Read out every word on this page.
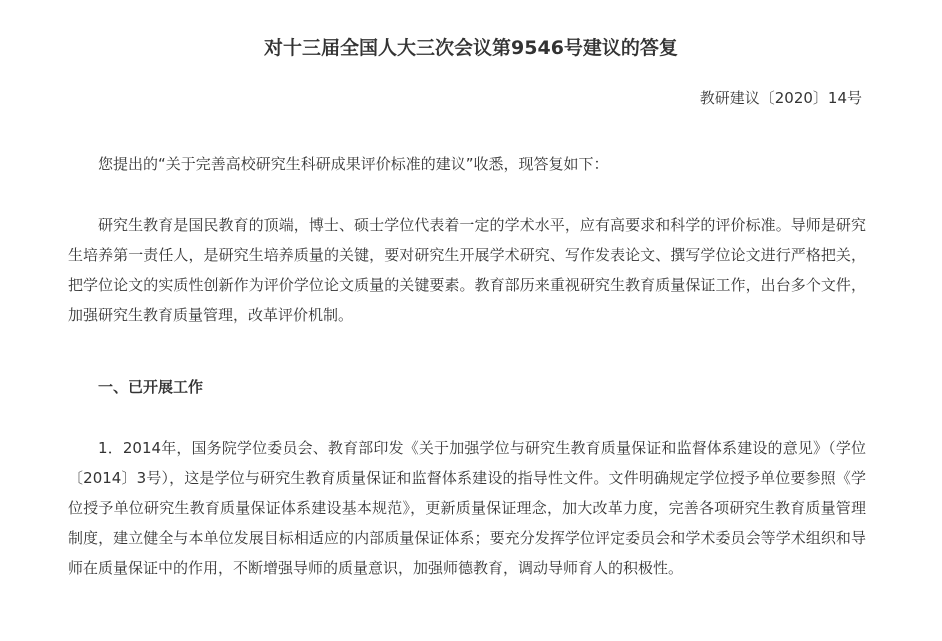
对十三届全国人大三次会议第9546号建议的答复
教研建议〔2020〕14号

您提出的“关于完善高校研究生科研成果评价标准的建议”收悉，现答复如下：

研究生教育是国民教育的顶端，博士、硕士学位代表着一定的学术水平，应有高要求和科学的评价标准。导师是研究生培养第一责任人，是研究生培养质量的关键，要对研究生开展学术研究、写作发表论文、撰写学位论文进行严格把关，把学位论文的实质性创新作为评价学位论文质量的关键要素。教育部历来重视研究生教育质量保证工作，出台多个文件，加强研究生教育质量管理，改革评价机制。

一、已开展工作

1．2014年，国务院学位委员会、教育部印发《关于加强学位与研究生教育质量保证和监督体系建设的意见》（学位〔2014〕3号），这是学位与研究生教育质量保证和监督体系建设的指导性文件。文件明确规定学位授予单位要参照《学位授予单位研究生教育质量保证体系建设基本规范》，更新质量保证理念，加大改革力度，完善各项研究生教育质量管理制度，建立健全与本单位发展目标相适应的内部质量保证体系；要充分发挥学位评定委员会和学术委员会等学术组织和导师在质量保证中的作用，不断增强导师的质量意识，加强师德教育，调动导师育人的积极性。
